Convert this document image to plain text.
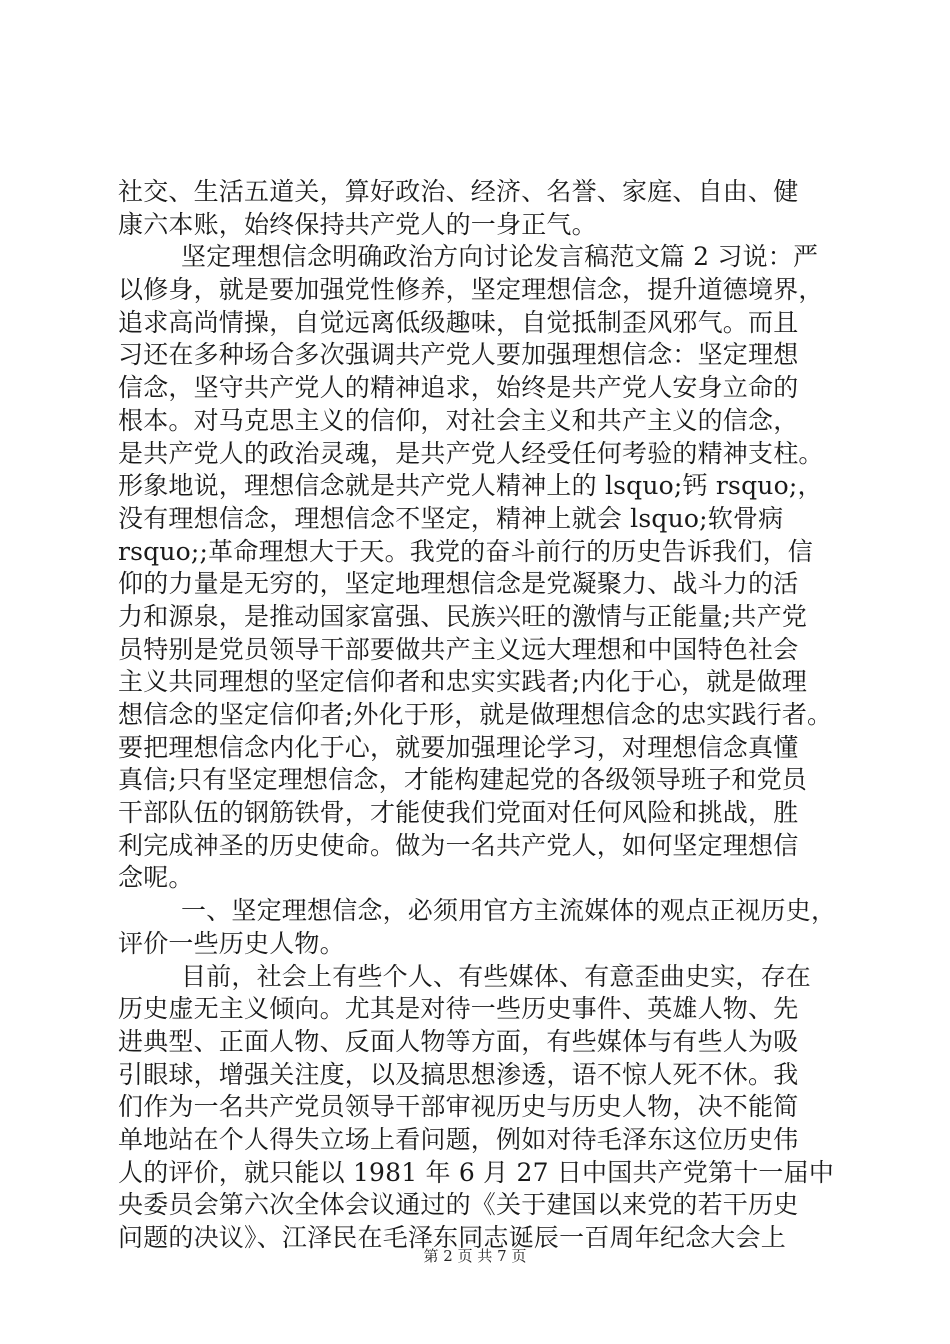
社交、生活五道关，算好政治、经济、名誉、家庭、自由、健
康六本账，始终保持共产党人的一身正气。
坚定理想信念明确政治方向讨论发言稿范文篇 2 习说：严
以修身，就是要加强党性修养，坚定理想信念，提升道德境界，
追求高尚情操，自觉远离低级趣味，自觉抵制歪风邪气。而且
习还在多种场合多次强调共产党人要加强理想信念：坚定理想
信念，坚守共产党人的精神追求，始终是共产党人安身立命的
根本。对马克思主义的信仰，对社会主义和共产主义的信念，
是共产党人的政治灵魂，是共产党人经受任何考验的精神支柱。
形象地说，理想信念就是共产党人精神上的 lsquo;钙 rsquo;，
没有理想信念，理想信念不坚定，精神上就会 lsquo;软骨病
rsquo;;革命理想大于天。我党的奋斗前行的历史告诉我们，信
仰的力量是无穷的，坚定地理想信念是党凝聚力、战斗力的活
力和源泉，是推动国家富强、民族兴旺的激情与正能量;共产党
员特别是党员领导干部要做共产主义远大理想和中国特色社会
主义共同理想的坚定信仰者和忠实实践者;内化于心，就是做理
想信念的坚定信仰者;外化于形，就是做理想信念的忠实践行者。
要把理想信念内化于心，就要加强理论学习，对理想信念真懂
真信;只有坚定理想信念，才能构建起党的各级领导班子和党员
干部队伍的钢筋铁骨，才能使我们党面对任何风险和挑战，胜
利完成神圣的历史使命。做为一名共产党人，如何坚定理想信
念呢。
一、坚定理想信念，必须用官方主流媒体的观点正视历史，
评价一些历史人物。
目前，社会上有些个人、有些媒体、有意歪曲史实，存在
历史虚无主义倾向。尤其是对待一些历史事件、英雄人物、先
进典型、正面人物、反面人物等方面，有些媒体与有些人为吸
引眼球，增强关注度，以及搞思想渗透，语不惊人死不休。我
们作为一名共产党员领导干部审视历史与历史人物，决不能简
单地站在个人得失立场上看问题，例如对待毛泽东这位历史伟
人的评价，就只能以 1981 年 6 月 27 日中国共产党第十一届中
央委员会第六次全体会议通过的《关于建国以来党的若干历史
问题的决议》、江泽民在毛泽东同志诞辰一百周年纪念大会上
第 2 页 共 7 页
